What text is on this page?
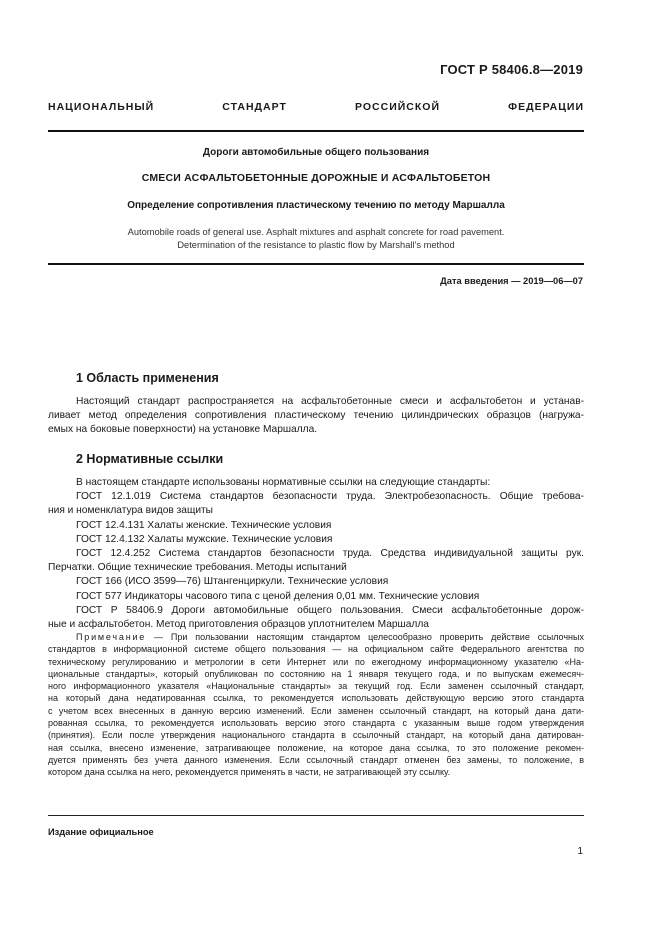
ГОСТ Р 58406.8—2019
НАЦИОНАЛЬНЫЙ СТАНДАРТ РОССИЙСКОЙ ФЕДЕРАЦИИ
Дороги автомобильные общего пользования
СМЕСИ АСФАЛЬТОБЕТОННЫЕ ДОРОЖНЫЕ И АСФАЛЬТОБЕТОН
Определение сопротивления пластическому течению по методу Маршалла
Automobile roads of general use. Asphalt mixtures and asphalt concrete for road pavement.
Determination of the resistance to plastic flow by Marshall’s method
Дата введения — 2019—06—07
1 Область применения
Настоящий стандарт распространяется на асфальтобетонные смеси и асфальтобетон и устанав-
ливает метод определения сопротивления пластическому течению цилиндрических образцов (нагружа-
емых на боковые поверхности) на установке Маршалла.
2 Нормативные ссылки
В настоящем стандарте использованы нормативные ссылки на следующие стандарты:
ГОСТ 12.1.019 Система стандартов безопасности труда. Электробезопасность. Общие требова-
ния и номенклатура видов защиты
ГОСТ 12.4.131 Халаты женские. Технические условия
ГОСТ 12.4.132 Халаты мужские. Технические условия
ГОСТ 12.4.252 Система стандартов безопасности труда. Средства индивидуальной защиты рук.
Перчатки. Общие технические требования. Методы испытаний
ГОСТ 166 (ИСО 3599—76) Штангенциркули. Технические условия
ГОСТ 577 Индикаторы часового типа с ценой деления 0,01 мм. Технические условия
ГОСТ Р 58406.9 Дороги автомобильные общего пользования. Смеси асфальтобетонные дорож-
ные и асфальтобетон. Метод приготовления образцов уплотнителем Маршалла
Примечание — При пользовании настоящим стандартом целесообразно проверить действие ссылочных
стандартов в информационной системе общего пользования — на официальном сайте Федерального агентства по
техническому регулированию и метрологии в сети Интернет или по ежегодному информационному указателю «На-
циональные стандарты», который опубликован по состоянию на 1 января текущего года, и по выпускам ежемесяч-
ного информационного указателя «Национальные стандарты» за текущий год. Если заменен ссылочный стандарт,
на который дана недатированная ссылка, то рекомендуется использовать действующую версию этого стандарта
с учетом всех внесенных в данную версию изменений. Если заменен ссылочный стандарт, на который дана дати-
рованная ссылка, то рекомендуется использовать версию этого стандарта с указанным выше годом утверждения
(принятия). Если после утверждения национального стандарта в ссылочный стандарт, на который дана датирован-
ная ссылка, внесено изменение, затрагивающее положение, на которое дана ссылка, то это положение рекомен-
дуется применять без учета данного изменения. Если ссылочный стандарт отменен без замены, то положение, в
котором дана ссылка на него, рекомендуется применять в части, не затрагивающей эту ссылку.
Издание официальное
1
